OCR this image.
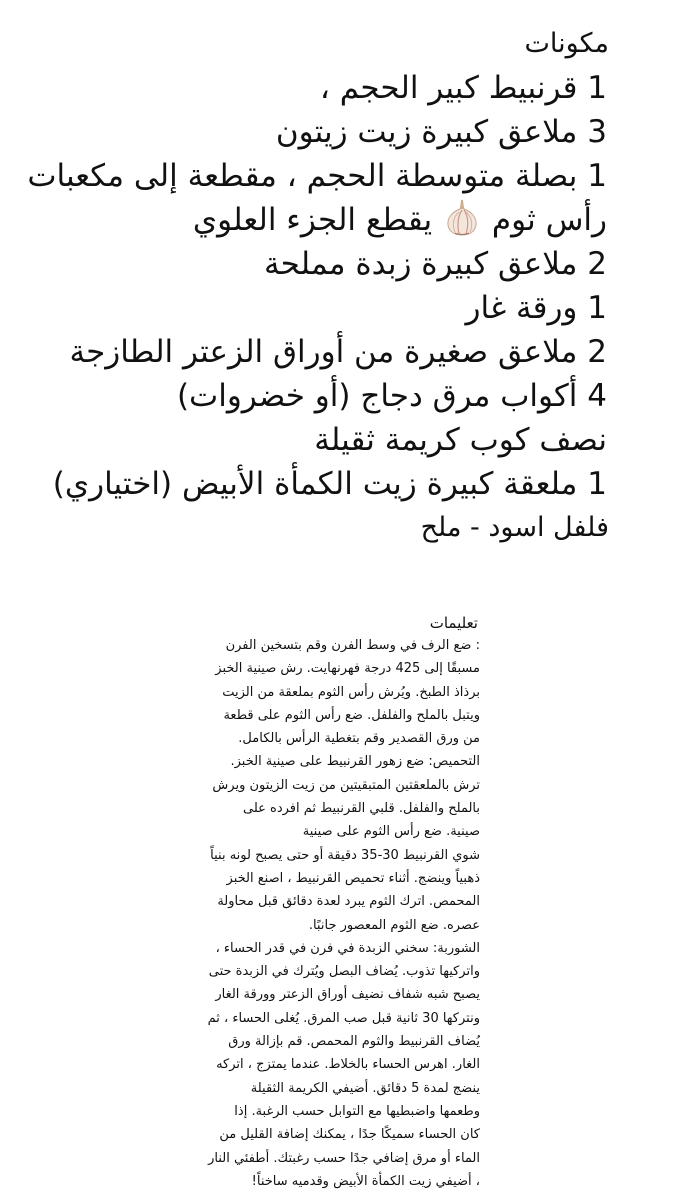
مكونات
1 قرنبيط كبير الحجم ،
3 ملاعق كبيرة زيت زيتون
1 بصلة متوسطة الحجم ، مقطعة إلى مكعبات
رأس ثوم  يقطع الجزء العلوي
2 ملاعق كبيرة زبدة مملحة
1 ورقة غار
2 ملاعق صغيرة من أوراق الزعتر الطازجة
4 أكواب مرق دجاج (أو خضروات)
نصف كوب كريمة ثقيلة
1 ملعقة كبيرة زيت الكمأة الأبيض (اختياري)
فلفل اسود - ملح
تعليمات
: ضع الرف في وسط الفرن وقم بتسخين الفرن
مسبقًا إلى 425 درجة فهرنهايت. رش صينية الخبز
برذاذ الطبخ. ويُرش رأس الثوم بملعقة من الزيت
ويتبل بالملح والفلفل. ضع رأس الثوم على قطعة
من ورق القصدير وقم بتغطية الرأس بالكامل.
التحميص: ضع زهور القرنبيط على صينية الخبز.
ترش بالملعقتين المتبقيتين من زيت الزيتون ويرش
بالملح والفلفل. قلبي القرنبيط ثم افرده على
صينية. ضع رأس الثوم على صينية
شوي القرنبيط 30-35 دقيقة أو حتى يصبح لونه بنياً
ذهبياً وينضج. أثناء تحميص القرنبيط ، اصنع الخبز
المحمص. اترك الثوم يبرد لعدة دقائق قبل محاولة
عصره. ضع الثوم المعصور جانبًا.
الشوربة: سخني الزبدة في فرن في قدر الحساء ،
واتركيها تذوب. يُضاف البصل ويُترك في الزبدة حتى
يصبح شبه شفاف نضيف أوراق الزعتر وورقة الغار
ونتركها 30 ثانية قبل صب المرق. يُغلى الحساء ، ثم
يُضاف القرنبيط والثوم المحمص. قم بإزالة ورق
الغار. اهرس الحساء بالخلاط. عندما يمتزج ، اتركه
ينضج لمدة 5 دقائق. أضيفي الكريمة الثقيلة
وطعمها واضبطيها مع التوابل حسب الرغبة. إذا
كان الحساء سميكًا جدًا ، يمكنك إضافة القليل من
الماء أو مرق إضافي جدًا حسب رغبتك. أطفئي النار
، أضيفي زيت الكمأة الأبيض وقدميه ساخناً!
